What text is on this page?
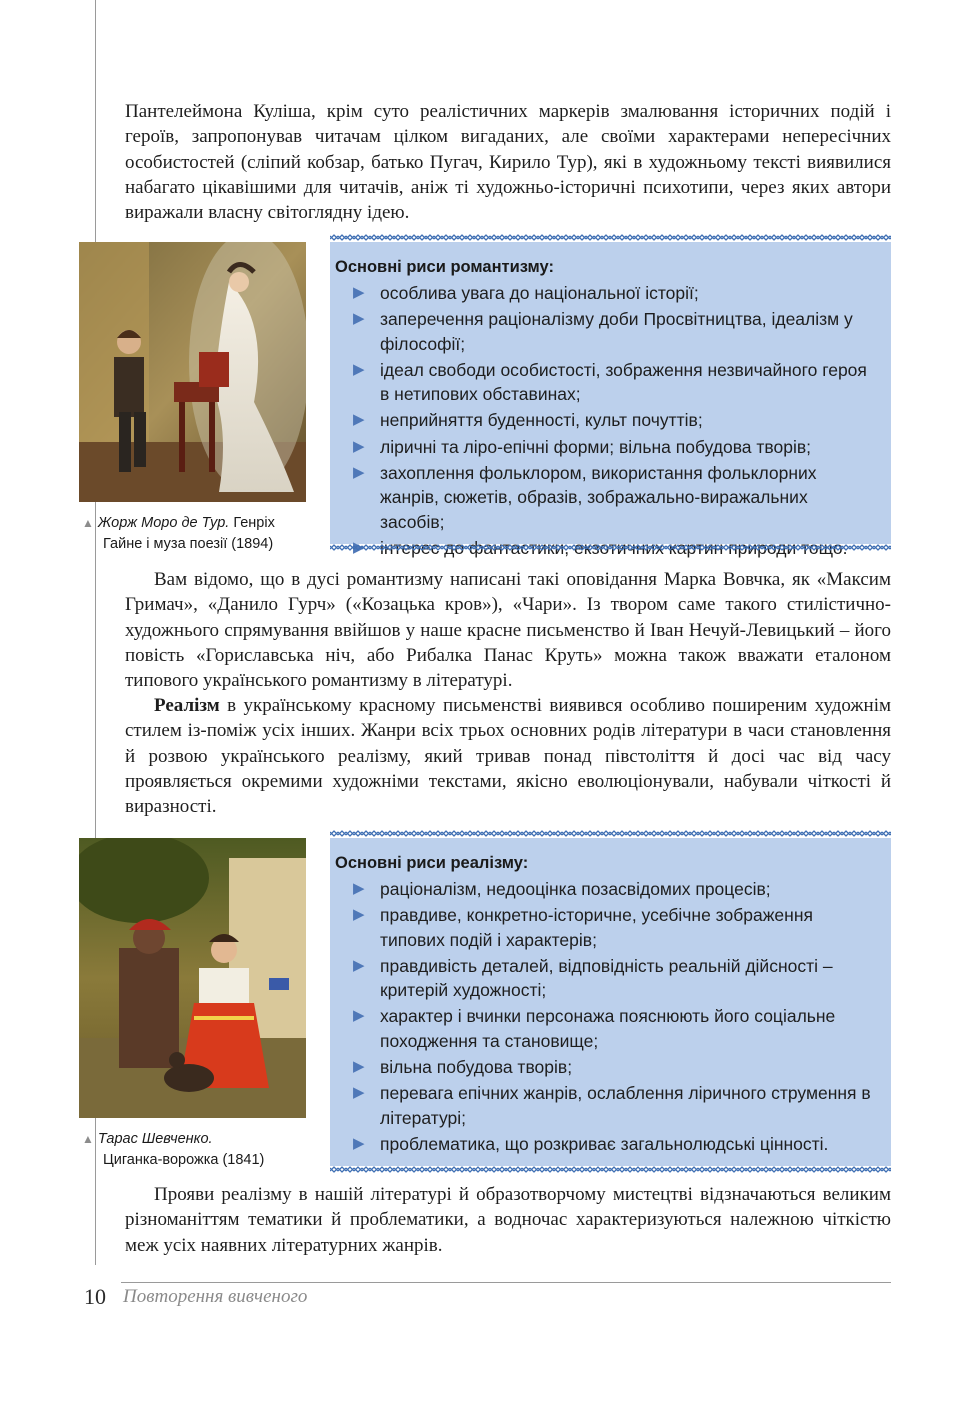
Пантелеймона Куліша, крім суто реалістичних маркерів змалювання історичних подій і героїв, запропонував читачам цілком вигаданих, але своїми характерами непересічних особистостей (сліпий кобзар, батько Пугач, Кирило Тур), які в художньому тексті виявилися набагато цікавішими для читачів, аніж ті художньо-історичні психотипи, через яких автори виражали власну світоглядну ідею.

▲ Жорж Моро де Тур. Генріх
Гайне і муза поезії (1894)
Основні риси романтизму:
▶ особлива увага до національної історії;
▶ заперечення раціоналізму доби Просвітництва, ідеалізм у філософії;
▶ ідеал свободи особистості, зображення незвичайного героя в нетипових обставинах;
▶ неприйняття буденності, культ почуттів;
▶ ліричні та ліро-епічні форми; вільна побудова творів;
▶ захоплення фольклором, використання фольклорних жанрів, сюжетів, образів, зображально-виражальних засобів;

Вам відомо, що в дусі романтизму написані такі оповідання Марка Вовчка, як «Максим Гримач», «Данило Гурч» («Козацька кров»), «Чари». Із твором саме такого стилістично-художнього спрямування ввійшов у наше красне письменство й Іван Нечуй-Левицький – його повість «Гориславська ніч, або Рибалка Панас Круть» можна також вважати еталоном типового українського романтизму в літературі.

Реалізм в українському красному письменстві виявився особливо поширеним художнім стилем із-поміж усіх інших. Жанри всіх трьох основних родів літератури в часи становлення й розвою українського реалізму, який тривав понад півстоліття й досі час від часу проявляється окремими художніми текстами, якісно еволюціонували, набували чіткості й виразності.

▲ Тарас Шевченко.
Циганка-ворожка (1841)
Основні риси реалізму:
▶ раціоналізм, недооцінка позасвідомих процесів;
▶ правдиве, конкретно-історичне, усебічне зображення типових подій і характерів;
▶ правдивість деталей, відповідність реальній дійсності – критерій художності;
▶ характер і вчинки персонажа пояснюють його соціальне походження та становище;
▶ вільна побудова творів;
▶ перевага епічних жанрів, ослаблення ліричного струмення в літературі;
▶ проблематика, що розкриває загальнолюдські цінності.

Прояви реалізму в нашій літературі й образотворчому мистецтві відзначаються великим різноманіттям тематики й проблематики, а водночас характеризуються належною чіткістю меж усіх наявних літературних жанрів.

10 Повторення вивченого
